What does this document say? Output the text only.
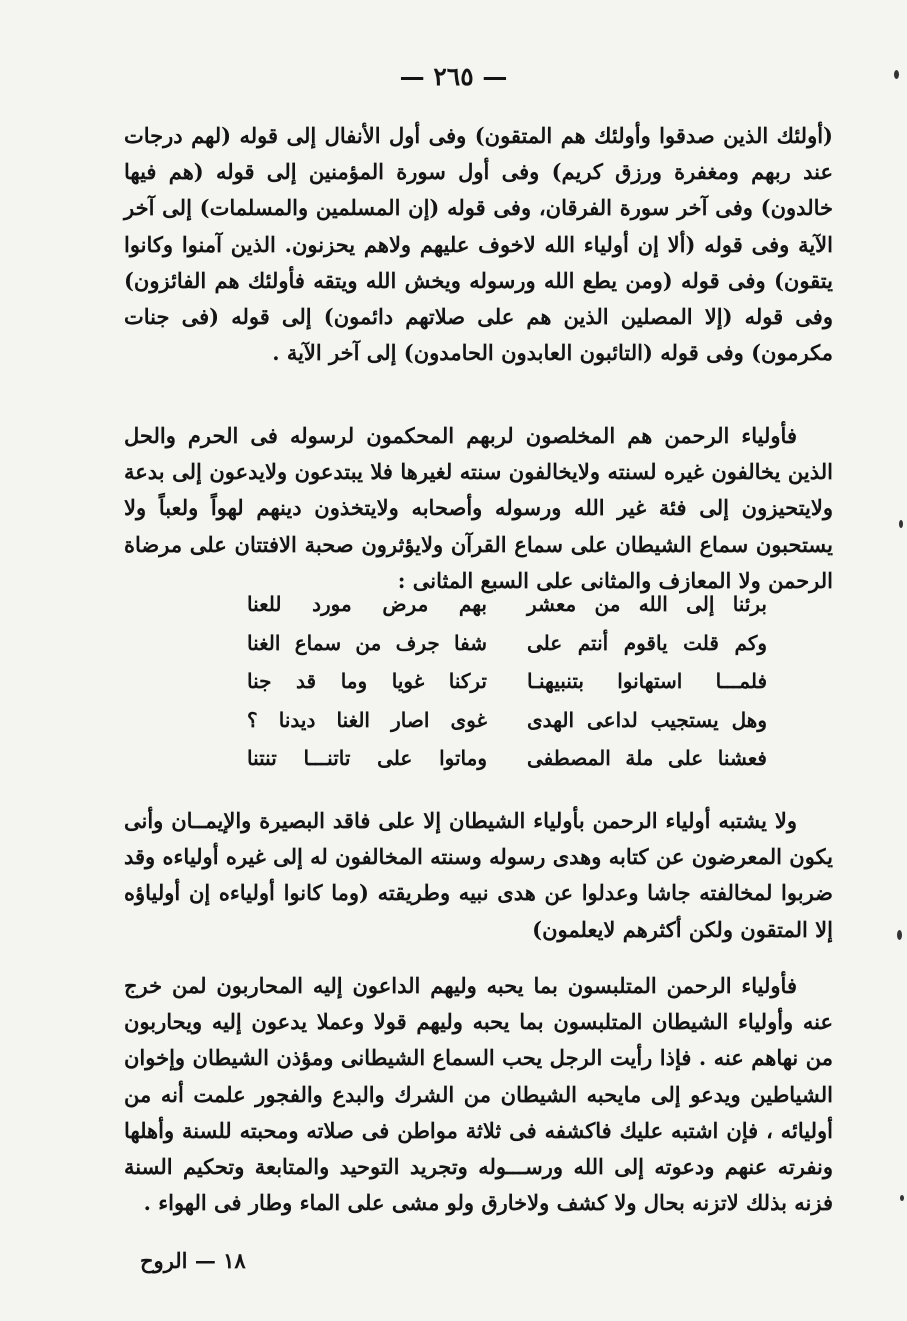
— ٢٦٥ —
(أولئك الذين صدقوا وأولئك هم المتقون) وفى أول الأنفال إلى قوله (لهم درجات عند ربهم ومغفرة ورزق كريم) وفى أول سورة المؤمنين إلى قوله (هم فيها خالدون) وفى آخر سورة الفرقان، وفى قوله (إن المسلمين والمسلمات) إلى آخر الآية وفى قوله (ألا إن أولياء الله لاخوف عليهم ولاهم يحزنون. الذين آمنوا وكانوا يتقون) وفى قوله (ومن يطع الله ورسوله ويخش الله ويتقه فأولئك هم الفائزون) وفى قوله (إلا المصلين الذين هم على صلاتهم دائمون) إلى قوله (فى جنات مكرمون) وفى قوله (التائبون العابدون الحامدون) إلى آخر الآية .
فأولياء الرحمن هم المخلصون لربهم المحكمون لرسوله فى الحرم والحل الذين يخالفون غيره لسنته ولايخالفون سنته لغيرها فلا يبتدعون ولايدعون إلى بدعة ولايتحيزون إلى فئة غير الله ورسوله وأصحابه ولايتخذون دينهم لهواً ولعباً ولا يستحبون سماع الشيطان على سماع القرآن ولايؤثرون صحبة الافتتان على مرضاة الرحمن ولا المعازف والمثانى على السبع المثانى :
برئنا إلى الله من معشر
بهم مرض مورد للعنا
وكم قلت ياقوم أنتم على
شفا جرف من سماع الغنا
فلمـــا استهانوا بتنبيهنـا
تركنا غويا وما قد جنا
وهل يستجيب لداعى الهدى
غوى اصار الغنا ديدنا ؟
فعشنا على ملة المصطفى
وماتوا على تاتنـــا تنتنا
ولا يشتبه أولياء الرحمن بأولياء الشيطان إلا على فاقد البصيرة والإيمــان وأنى يكون المعرضون عن كتابه وهدى رسوله وسنته المخالفون له إلى غيره أولياءه وقد ضربوا لمخالفته جاشا وعدلوا عن هدى نبيه وطريقته (وما كانوا أولياءه إن أولياؤه إلا المتقون ولكن أكثرهم لايعلمون)
فأولياء الرحمن المتلبسون بما يحبه وليهم الداعون إليه المحاربون لمن خرج عنه وأولياء الشيطان المتلبسون بما يحبه وليهم قولا وعملا يدعون إليه ويحاربون من نهاهم عنه . فإذا رأيت الرجل يحب السماع الشيطانى ومؤذن الشيطان وإخوان الشياطين ويدعو إلى مايحبه الشيطان من الشرك والبدع والفجور علمت أنه من أوليائه ، فإن اشتبه عليك فاكشفه فى ثلاثة مواطن فى صلاته ومحبته للسنة وأهلها ونفرته عنهم ودعوته إلى الله ورســـوله وتجريد التوحيد والمتابعة وتحكيم السنة فزنه بذلك لاتزنه بحال ولا كشف ولاخارق ولو مشى على الماء وطار فى الهواء .
١٨ — الروح
